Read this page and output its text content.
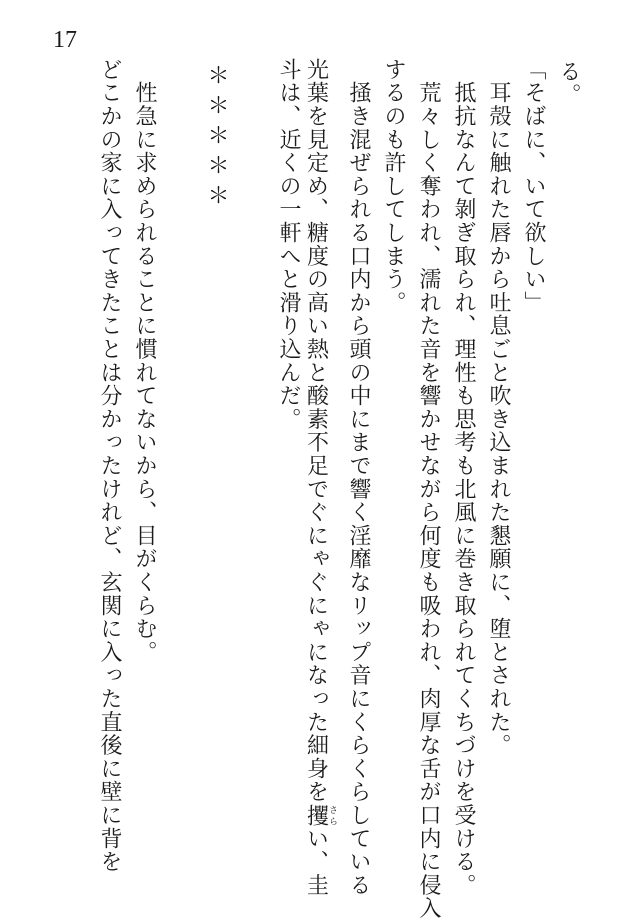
17
る。
「そばに、いて欲しい」
　耳殻に触れた唇から吐息ごと吹き込まれた懇願に、堕とされた。
　抵抗なんて剝ぎ取られ、理性も思考も北風に巻き取られてくちづけを受ける。
　荒々しく奪われ、濡れた音を響かせながら何度も吸われ、肉厚な舌が口内に侵入
するのも許してしまう。
　掻き混ぜられる口内から頭の中にまで響く淫靡なリップ音にくらくらしている
光葉を見定め、糖度の高い熱と酸素不足でぐにゃぐにゃになった細身を攫さらい、圭
斗は、近くの一軒へと滑り込んだ。
＊＊＊＊＊
　性急に求められることに慣れてないから、目がくらむ。
どこかの家に入ってきたことは分かったけれど、玄関に入った直後に壁に背を
